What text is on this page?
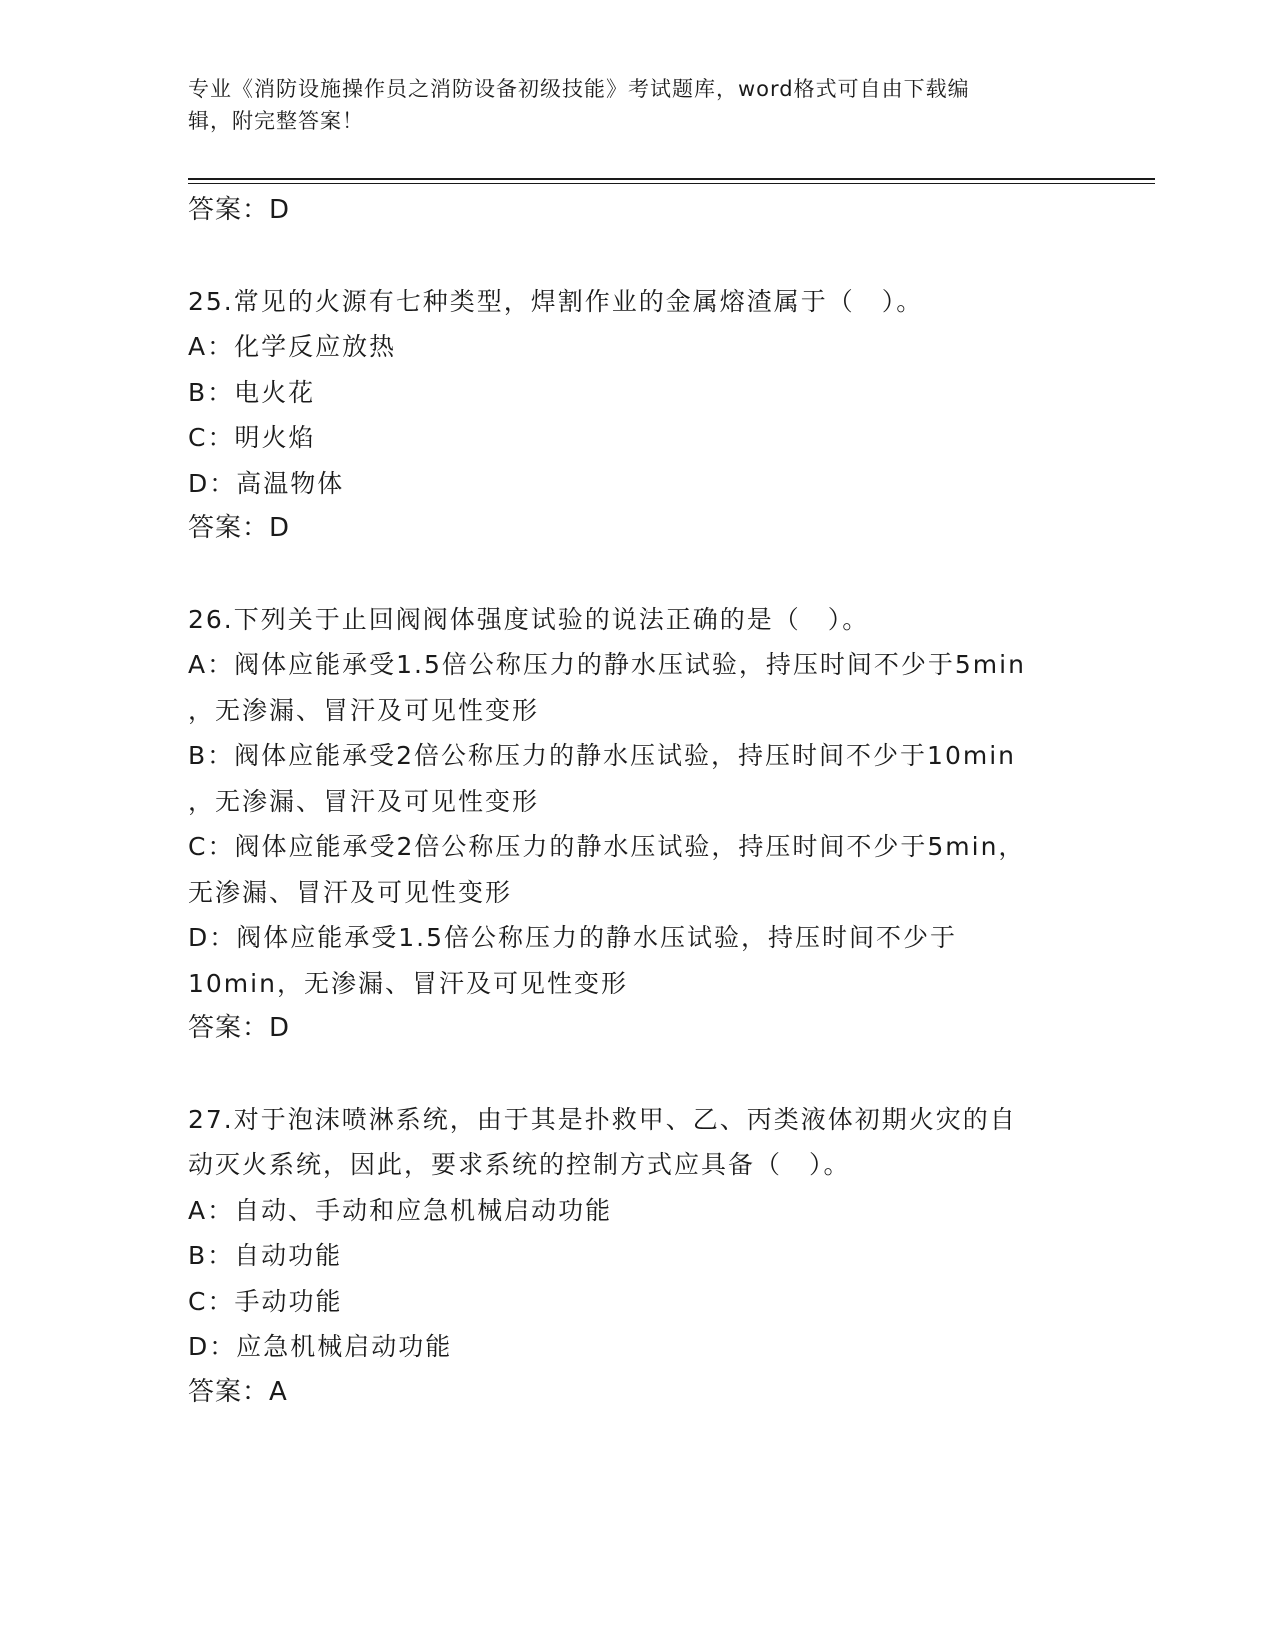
专业《消防设施操作员之消防设备初级技能》考试题库，word格式可自由下载编
辑，附完整答案！
答案：D
25.常见的火源有七种类型，焊割作业的金属熔渣属于（　）。
A：化学反应放热
B：电火花
C：明火焰
D：高温物体
答案：D
26.下列关于止回阀阀体强度试验的说法正确的是（　）。
A：阀体应能承受1.5倍公称压力的静水压试验，持压时间不少于5min
，无渗漏、冒汗及可见性变形
B：阀体应能承受2倍公称压力的静水压试验，持压时间不少于10min
，无渗漏、冒汗及可见性变形
C：阀体应能承受2倍公称压力的静水压试验，持压时间不少于5min，
无渗漏、冒汗及可见性变形
D：阀体应能承受1.5倍公称压力的静水压试验，持压时间不少于
10min，无渗漏、冒汗及可见性变形
答案：D
27.对于泡沫喷淋系统，由于其是扑救甲、乙、丙类液体初期火灾的自
动灭火系统，因此，要求系统的控制方式应具备（　）。
A：自动、手动和应急机械启动功能
B：自动功能
C：手动功能
D：应急机械启动功能
答案：A
